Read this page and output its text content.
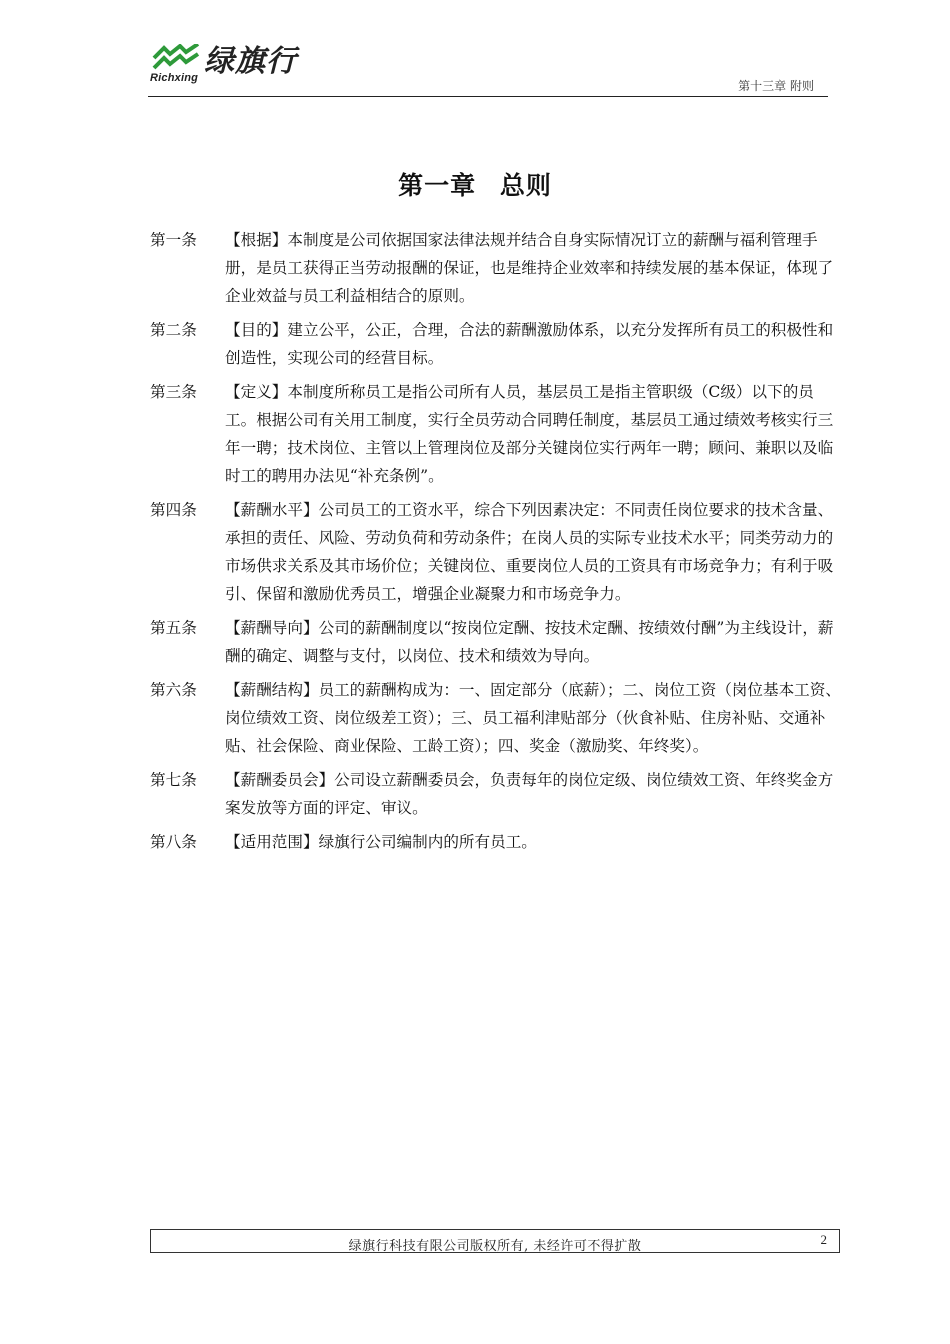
Richxing 绿旗行
第十三章 附则
第一章 总则
第一条 【根据】本制度是公司依据国家法律法规并结合自身实际情况订立的薪酬与福利管理手册，是员工获得正当劳动报酬的保证，也是维持企业效率和持续发展的基本保证，体现了企业效益与员工利益相结合的原则。
第二条 【目的】建立公平，公正，合理，合法的薪酬激励体系，以充分发挥所有员工的积极性和创造性，实现公司的经营目标。
第三条 【定义】本制度所称员工是指公司所有人员，基层员工是指主管职级（C级）以下的员工。根据公司有关用工制度，实行全员劳动合同聘任制度，基层员工通过绩效考核实行三年一聘；技术岗位、主管以上管理岗位及部分关键岗位实行两年一聘；顾问、兼职以及临时工的聘用办法见“补充条例”。
第四条 【薪酬水平】公司员工的工资水平，综合下列因素决定：不同责任岗位要求的技术含量、承担的责任、风险、劳动负荷和劳动条件；在岗人员的实际专业技术水平；同类劳动力的市场供求关系及其市场价位；关键岗位、重要岗位人员的工资具有市场竞争力；有利于吸引、保留和激励优秀员工，增强企业凝聚力和市场竞争力。
第五条 【薪酬导向】公司的薪酬制度以“按岗位定酬、按技术定酬、按绩效付酬”为主线设计，薪酬的确定、调整与支付，以岗位、技术和绩效为导向。
第六条 【薪酬结构】员工的薪酬构成为：一、固定部分（底薪）；二、岗位工资（岗位基本工资、岗位绩效工资、岗位级差工资）；三、员工福利津贴部分（伙食补贴、住房补贴、交通补贴、社会保险、商业保险、工龄工资）；四、奖金（激励奖、年终奖）。
第七条 【薪酬委员会】公司设立薪酬委员会，负责每年的岗位定级、岗位绩效工资、年终奖金方案发放等方面的评定、审议。
第八条 【适用范围】绿旗行公司编制内的所有员工。
绿旗行科技有限公司版权所有, 未经许可不得扩散	2
